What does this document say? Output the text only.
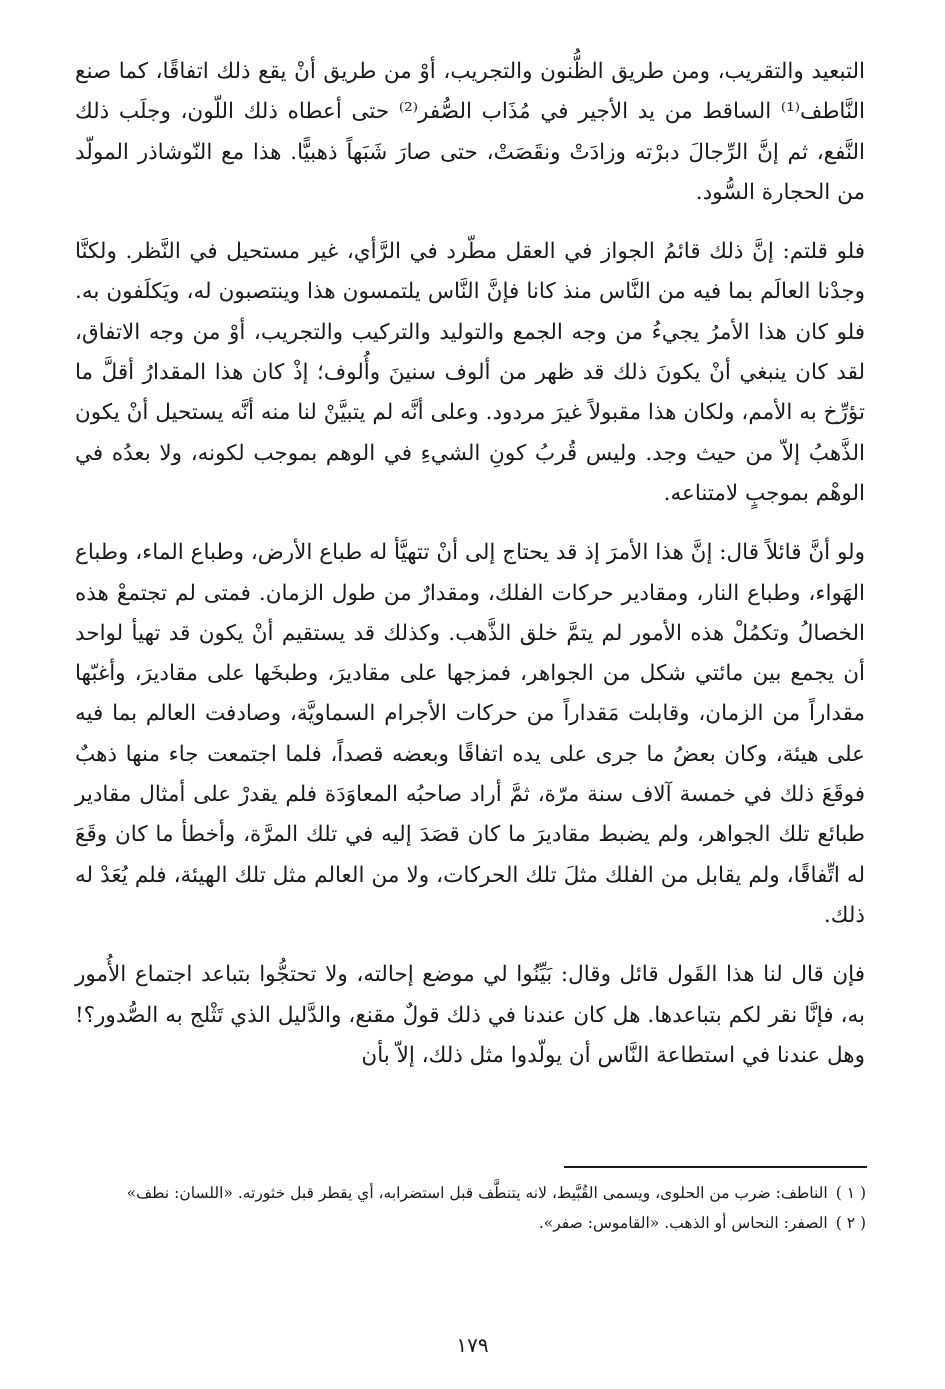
التبعيد والتقريب، ومن طريق الظُّنون والتجريب، أوْ من طريق أنْ يقع ذلك اتفاقًا، كما صنع النَّاطف⁽¹⁾ الساقط من يد الأجير في مُذَاب الصُّفر⁽²⁾ حتى أعطاه ذلك اللّون، وجلَب ذلك النَّفع، ثم إنَّ الرِّجالَ دبرْته وزادَتْ ونقَصَتْ، حتى صارَ شَبَهاً ذهبيًّا. هذا مع النّوشاذر المولّد من الحجارة السُّود.

فلو قلتم: إنَّ ذلك قائمُ الجواز في العقل مطّرد في الرَّأي، غير مستحيل في النَّظر. ولكنَّا وجدْنا العالَم بما فيه من النَّاس منذ كانا فإنَّ النَّاس يلتمسون هذا وينتصبون له، ويَكلَفون به. فلو كان هذا الأمرُ يجيءُ من وجه الجمع والتوليد والتركيب والتجريب، أوْ من وجه الاتفاق، لقد كان ينبغي أنْ يكونَ ذلك قد ظهر من ألوف سنينَ وأُلوف؛ إذْ كان هذا المقدارُ أقلَّ ما تؤرِّخ به الأمم، ولكان هذا مقبولاً غيرَ مردود. وعلى أنَّه لم يتبيَّنْ لنا منه أنَّه يستحيل أنْ يكون الذَّهبُ إلاّ من حيث وجد. وليس قُربُ كونِ الشيءِ في الوهم بموجب لكونه، ولا بعدُه في الوهْم بموجبٍ لامتناعه.

ولو أنَّ قائلاً قال: إنَّ هذا الأمرَ إذ قد يحتاج إلى أنْ تتهيَّأ له طباع الأرض، وطباع الماء، وطباع الهَواء، وطباع النار، ومقادير حركات الفلك، ومقدارٌ من طول الزمان. فمتى لم تجتمعْ هذه الخصالُ وتكمُلْ هذه الأمور لم يتمَّ خلق الذَّهب. وكذلك قد يستقيم أنْ يكون قد تهيأ لواحد أن يجمع بين مائتي شكل من الجواهر، فمزجها على مقاديرَ، وطبخَها على مقاديرَ، وأغبّها مقداراً من الزمان، وقابلت مَقداراً من حركات الأجرام السماويَّة، وصادفت العالم بما فيه على هيئة، وكان بعضُ ما جرى على يده اتفاقًا وبعضه قصداً، فلما اجتمعت جاء منها ذهبٌ فوقَعَ ذلك في خمسة آلاف سنة مرّة، ثمَّ أراد صاحبُه المعاوَدَة فلم يقدرْ على أمثال مقادير طبائع تلك الجواهر، ولم يضبط مقاديرَ ما كان قصَدَ إليه في تلك المرَّة، وأخطأ ما كان وقَعَ له اتِّفاقًا، ولم يقابل من الفلك مثلَ تلك الحركات، ولا من العالم مثل تلك الهيئة، فلم يُعَدْ له ذلك.

فإن قال لنا هذا القَول قائل وقال: بَيِّنُوا لي موضع إحالته، ولا تحتجُّوا بتباعد اجتماع الأُمور به، فإنَّا نقر لكم بتباعدها. هل كان عندنا في ذلك قولٌ مقنع، والدَّليل الذي تَثْلج به الصُّدور؟! وهل عندنا في استطاعة النَّاس أن يولّدوا مثل ذلك، إلاّ بأن

( ١ )الناطف: ضرب من الحلوى، ويسمى القُبَّيط، لانه يتنطَّف قبل استضرابه، أي يقطر قبل خثورته. «اللسان: نطف»

( ٢ )الصفر: النحاس أو الذهب. «القاموس: صفر».

١٧٩
